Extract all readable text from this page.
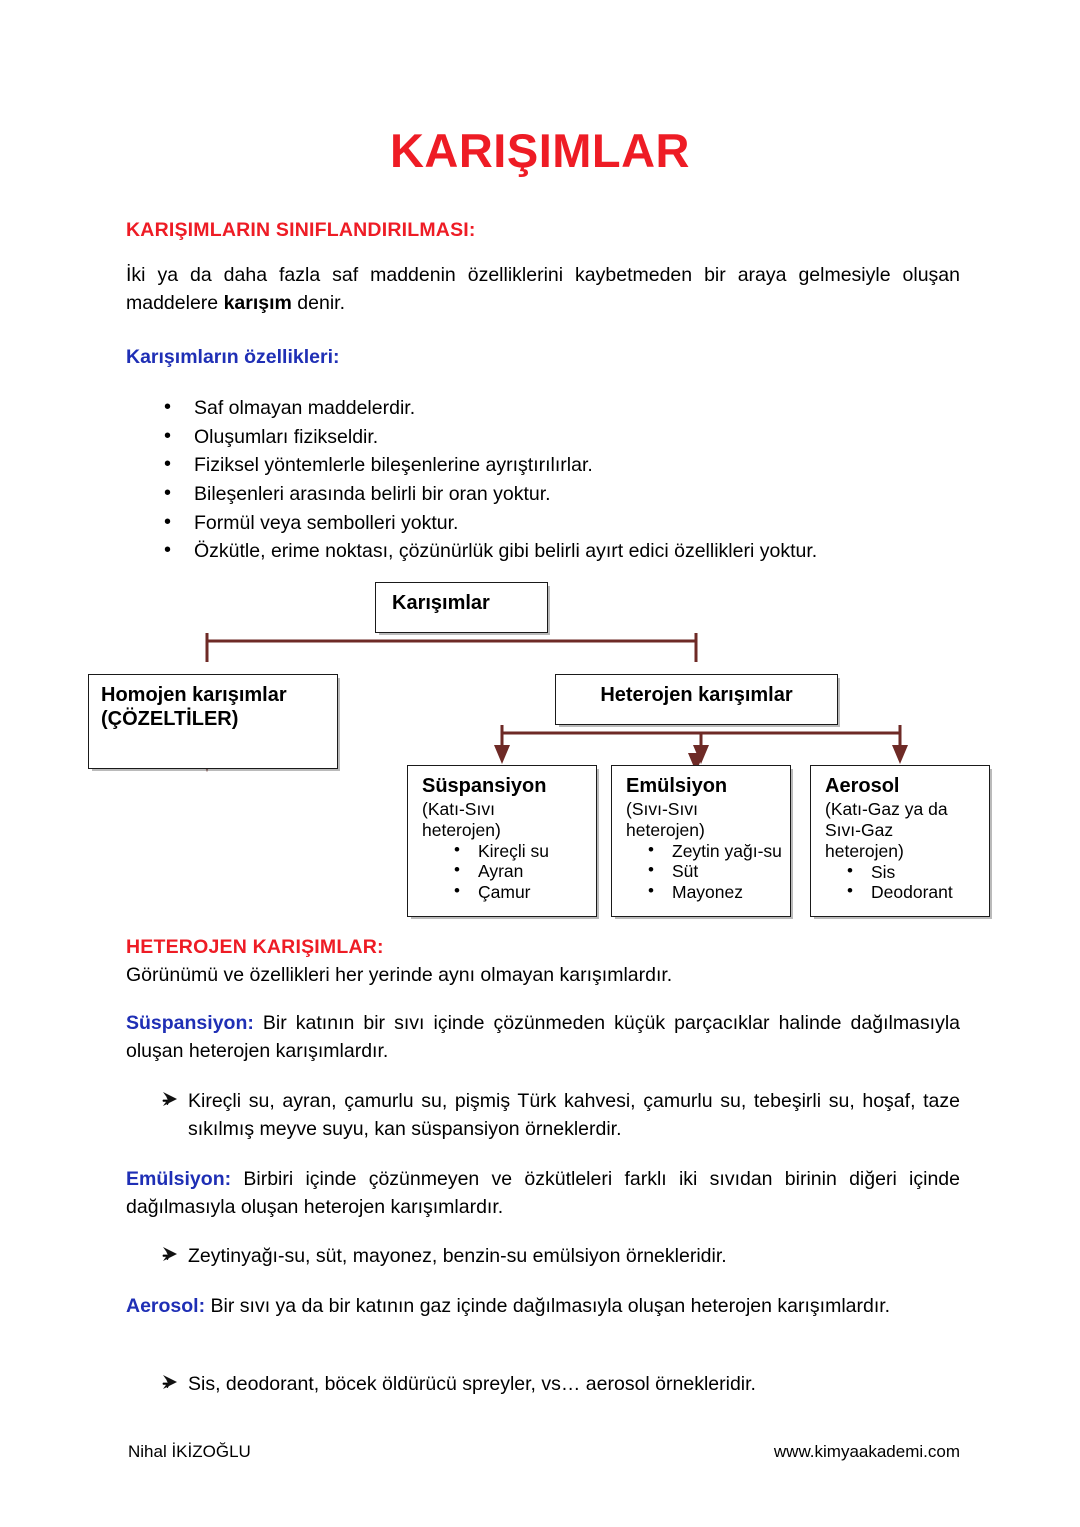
KARIŞIMLAR
KARIŞIMLARIN SINIFLANDIRILMASI:
İki ya da daha fazla saf maddenin özelliklerini kaybetmeden bir araya gelmesiyle oluşan maddelere karışım denir.
Karışımların özellikleri:
• Saf olmayan maddelerdir.
• Oluşumları fizikseldir.
• Fiziksel yöntemlerle bileşenlerine ayrıştırılırlar.
• Bileşenleri arasında belirli bir oran yoktur.
• Formül veya sembolleri yoktur.
• Özkütle, erime noktası, çözünürlük gibi belirli ayırt edici özellikleri yoktur.
Karışımlar
Homojen karışımlar
(ÇÖZELTİLER)
Heterojen karışımlar
Süspansiyon
(Katı-Sıvı
heterojen)
• Kireçli su
• Ayran
• Çamur
Emülsiyon
(Sıvı-Sıvı
heterojen)
• Zeytin yağı-su
• Süt
• Mayonez
Aerosol
(Katı-Gaz ya da
Sıvı-Gaz
heterojen)
• Sis
• Deodorant
HETEROJEN KARIŞIMLAR:
Görünümü ve özellikleri her yerinde aynı olmayan karışımlardır.
Süspansiyon: Bir katının bir sıvı içinde çözünmeden küçük parçacıklar halinde dağılmasıyla oluşan heterojen karışımlardır.
➜ Kireçli su, ayran, çamurlu su, pişmiş Türk kahvesi, çamurlu su, tebeşirli su, hoşaf, taze sıkılmış meyve suyu, kan süspansiyon örneklerdir.
Emülsiyon: Birbiri içinde çözünmeyen ve özkütleleri farklı iki sıvıdan birinin diğeri içinde dağılmasıyla oluşan heterojen karışımlardır.
➜ Zeytinyağı-su, süt, mayonez, benzin-su emülsiyon örnekleridir.
Aerosol: Bir sıvı ya da bir katının gaz içinde dağılmasıyla oluşan heterojen karışımlardır.
➜ Sis, deodorant, böcek öldürücü spreyler, vs… aerosol örnekleridir.
Nihal İKİZOĞLU	www.kimyaakademi.com
